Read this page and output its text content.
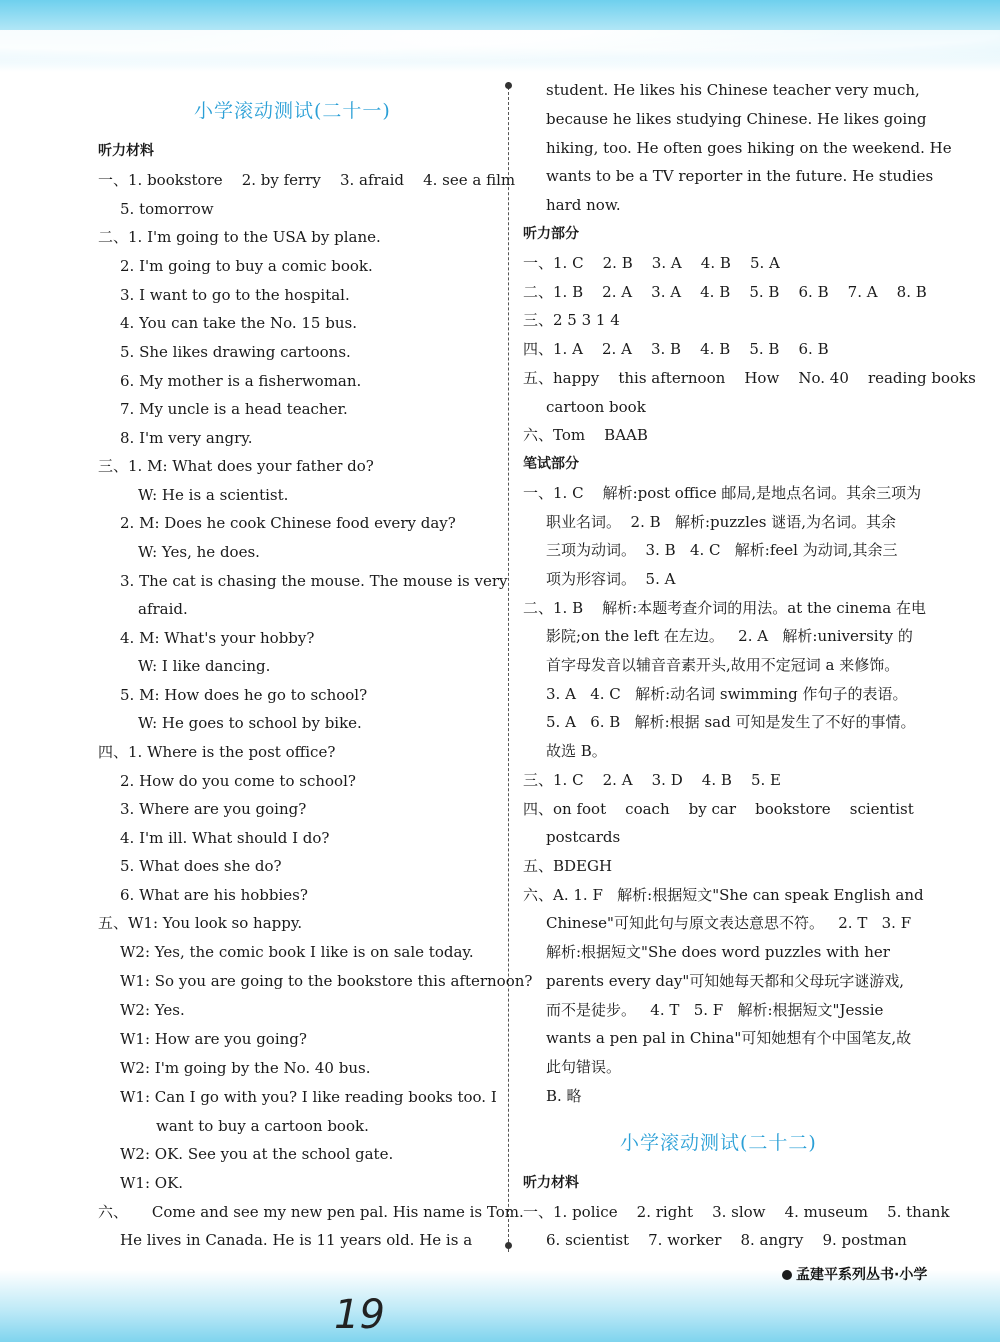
小学滚动测试(二十一)
听力材料
一、1. bookstore    2. by ferry    3. afraid    4. see a film
5. tomorrow
二、1. I'm going to the USA by plane.
2. I'm going to buy a comic book.
3. I want to go to the hospital.
4. You can take the No. 15 bus.
5. She likes drawing cartoons.
6. My mother is a fisherwoman.
7. My uncle is a head teacher.
8. I'm very angry.
三、1. M: What does your father do?
W: He is a scientist.
2. M: Does he cook Chinese food every day?
W: Yes, he does.
3. The cat is chasing the mouse. The mouse is very
afraid.
4. M: What's your hobby?
W: I like dancing.
5. M: How does he go to school?
W: He goes to school by bike.
四、1. Where is the post office?
2. How do you come to school?
3. Where are you going?
4. I'm ill. What should I do?
5. What does she do?
6. What are his hobbies?
五、W1: You look so happy.
W2: Yes, the comic book I like is on sale today.
W1: So you are going to the bookstore this afternoon?
W2: Yes.
W1: How are you going?
W2: I'm going by the No. 40 bus.
W1: Can I go with you? I like reading books too. I
want to buy a cartoon book.
W2: OK. See you at the school gate.
W1: OK.
六、     Come and see my new pen pal. His name is Tom.
He lives in Canada. He is 11 years old. He is a
student. He likes his Chinese teacher very much,
because he likes studying Chinese. He likes going
hiking, too. He often goes hiking on the weekend. He
wants to be a TV reporter in the future. He studies
hard now.
听力部分
一、1. C    2. B    3. A    4. B    5. A
二、1. B    2. A    3. A    4. B    5. B    6. B    7. A    8. B
三、2 5 3 1 4
四、1. A    2. A    3. B    4. B    5. B    6. B
五、happy    this afternoon    How    No. 40    reading books
cartoon book
六、Tom    BAAB
笔试部分
一、1. C    解析:post office 邮局,是地点名词。其余三项为
职业名词。  2. B   解析:puzzles 谜语,为名词。其余
三项为动词。  3. B   4. C   解析:feel 为动词,其余三
项为形容词。  5. A
二、1. B    解析:本题考查介词的用法。at the cinema 在电
影院;on the left 在左边。   2. A   解析:university 的
首字母发音以辅音音素开头,故用不定冠词 a 来修饰。
3. A   4. C   解析:动名词 swimming 作句子的表语。
5. A   6. B   解析:根据 sad 可知是发生了不好的事情。
故选 B。
三、1. C    2. A    3. D    4. B    5. E
四、on foot    coach    by car    bookstore    scientist
postcards
五、BDEGH
六、A. 1. F   解析:根据短文"She can speak English and
Chinese"可知此句与原文表达意思不符。   2. T   3. F
解析:根据短文"She does word puzzles with her
parents every day"可知她每天都和父母玩字谜游戏,
而不是徒步。   4. T   5. F   解析:根据短文"Jessie
wants a pen pal in China"可知她想有个中国笔友,故
此句错误。
B. 略
小学滚动测试(二十二)
听力材料
一、1. police    2. right    3. slow    4. museum    5. thank
6. scientist    7. worker    8. angry    9. postman
19
孟建平系列丛书·小学
